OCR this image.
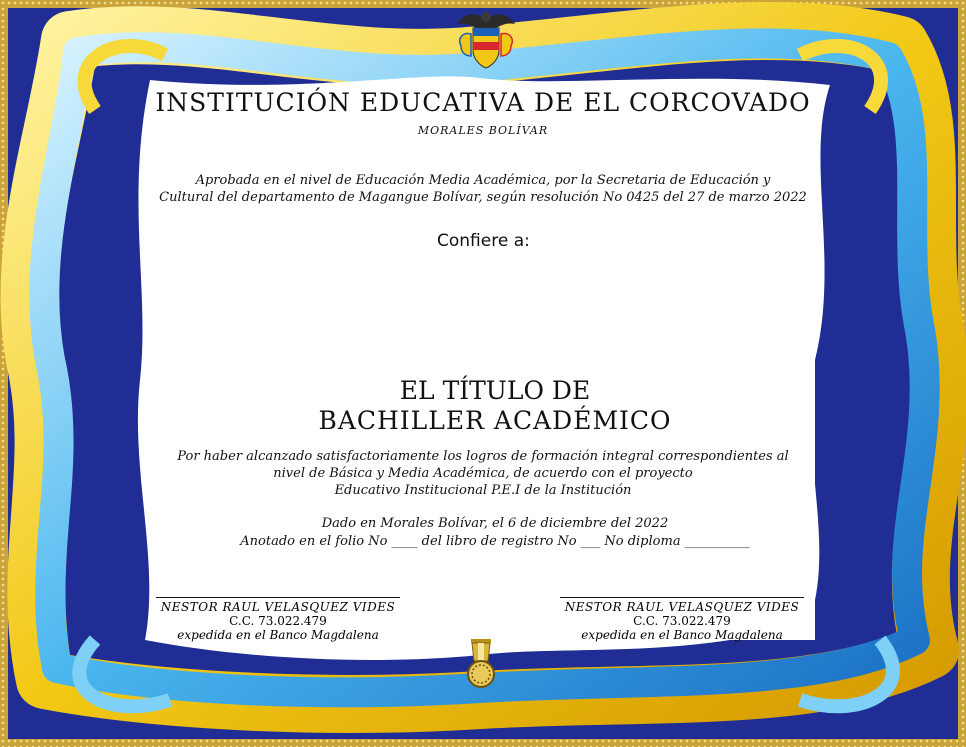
INSTITUCIÓN EDUCATIVA DE EL CORCOVADO
MORALES BOLÍVAR
Aprobada en el nivel de Educación Media Académica, por la Secretaria de Educación y
Cultural del departamento de Magangue Bolívar, según resolución No 0425 del 27 de marzo 2022
Confiere a:
EL TÍTULO DE
BACHILLER ACADÉMICO
Por haber alcanzado satisfactoriamente los logros de formación integral correspondientes al
nivel de Básica y Media Académica, de acuerdo con el proyecto
Educativo Institucional P.E.I de la Institución
Dado en Morales Bolívar, el 6 de diciembre del 2022
Anotado en el folio No ____ del libro de registro No ___ No diploma __________
NESTOR RAUL VELASQUEZ VIDES
C.C. 73.022.479
expedida en el Banco Magdalena
NESTOR RAUL VELASQUEZ VIDES
C.C. 73.022.479
expedida en el Banco Magdalena
